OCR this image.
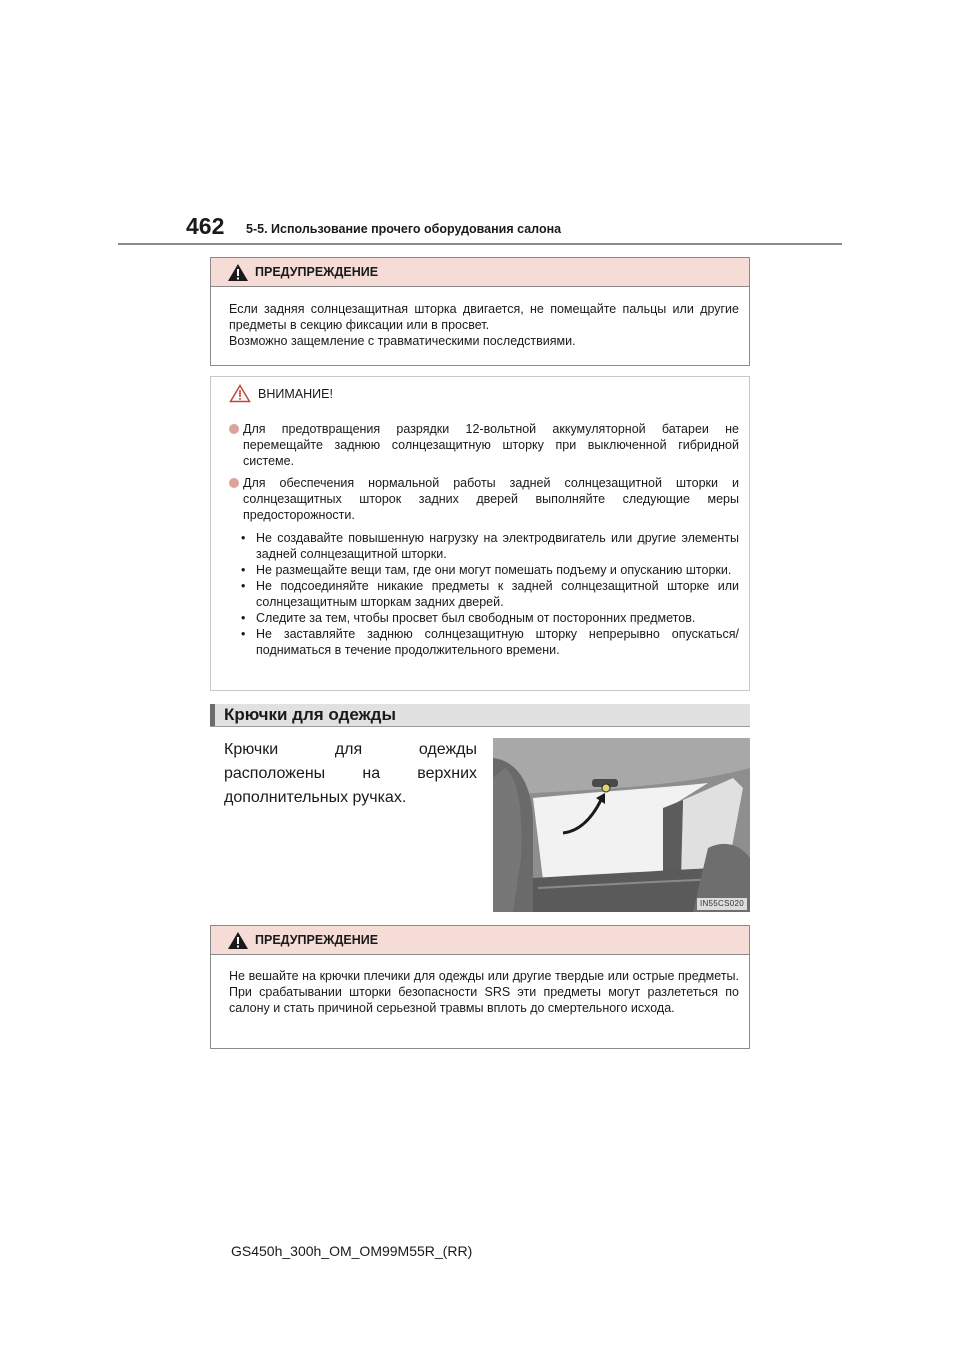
462 5-5. Использование прочего оборудования салона
ПРЕДУПРЕЖДЕНИЕ

Если задняя солнцезащитная шторка двигается, не помещайте пальцы или другие предметы в секцию фиксации или в просвет.

Возможно защемление с травматическими последствиями.

ВНИМАНИЕ!
Для предотвращения разрядки 12-вольтной аккумуляторной батареи не перемещайте заднюю солнцезащитную шторку при выключенной гибридной системе.
Для обеспечения нормальной работы задней солнцезащитной шторки и солнцезащитных шторок задних дверей выполняйте следующие меры предосторожности.
• Не создавайте повышенную нагрузку на электродвигатель или другие элементы задней солнцезащитной шторки.
• Не размещайте вещи там, где они могут помешать подъему и опусканию шторки.
• Не подсоединяйте никакие предметы к задней солнцезащитной шторке или солнцезащитным шторкам задних дверей.
• Следите за тем, чтобы просвет был свободным от посторонних предметов.
• Не заставляйте заднюю солнцезащитную шторку непрерывно опускаться/подниматься в течение продолжительного времени.
Крючки для одежды
Крючки для одежды расположены на верхних дополнительных ручках.
IN55CS020
ПРЕДУПРЕЖДЕНИЕ
Не вешайте на крючки плечики для одежды или другие твердые или острые предметы. При срабатывании шторки безопасности SRS эти предметы могут разлететься по салону и стать причиной серьезной травмы вплоть до смертельного исхода.
GS450h_300h_OM_OM99M55R_(RR)
